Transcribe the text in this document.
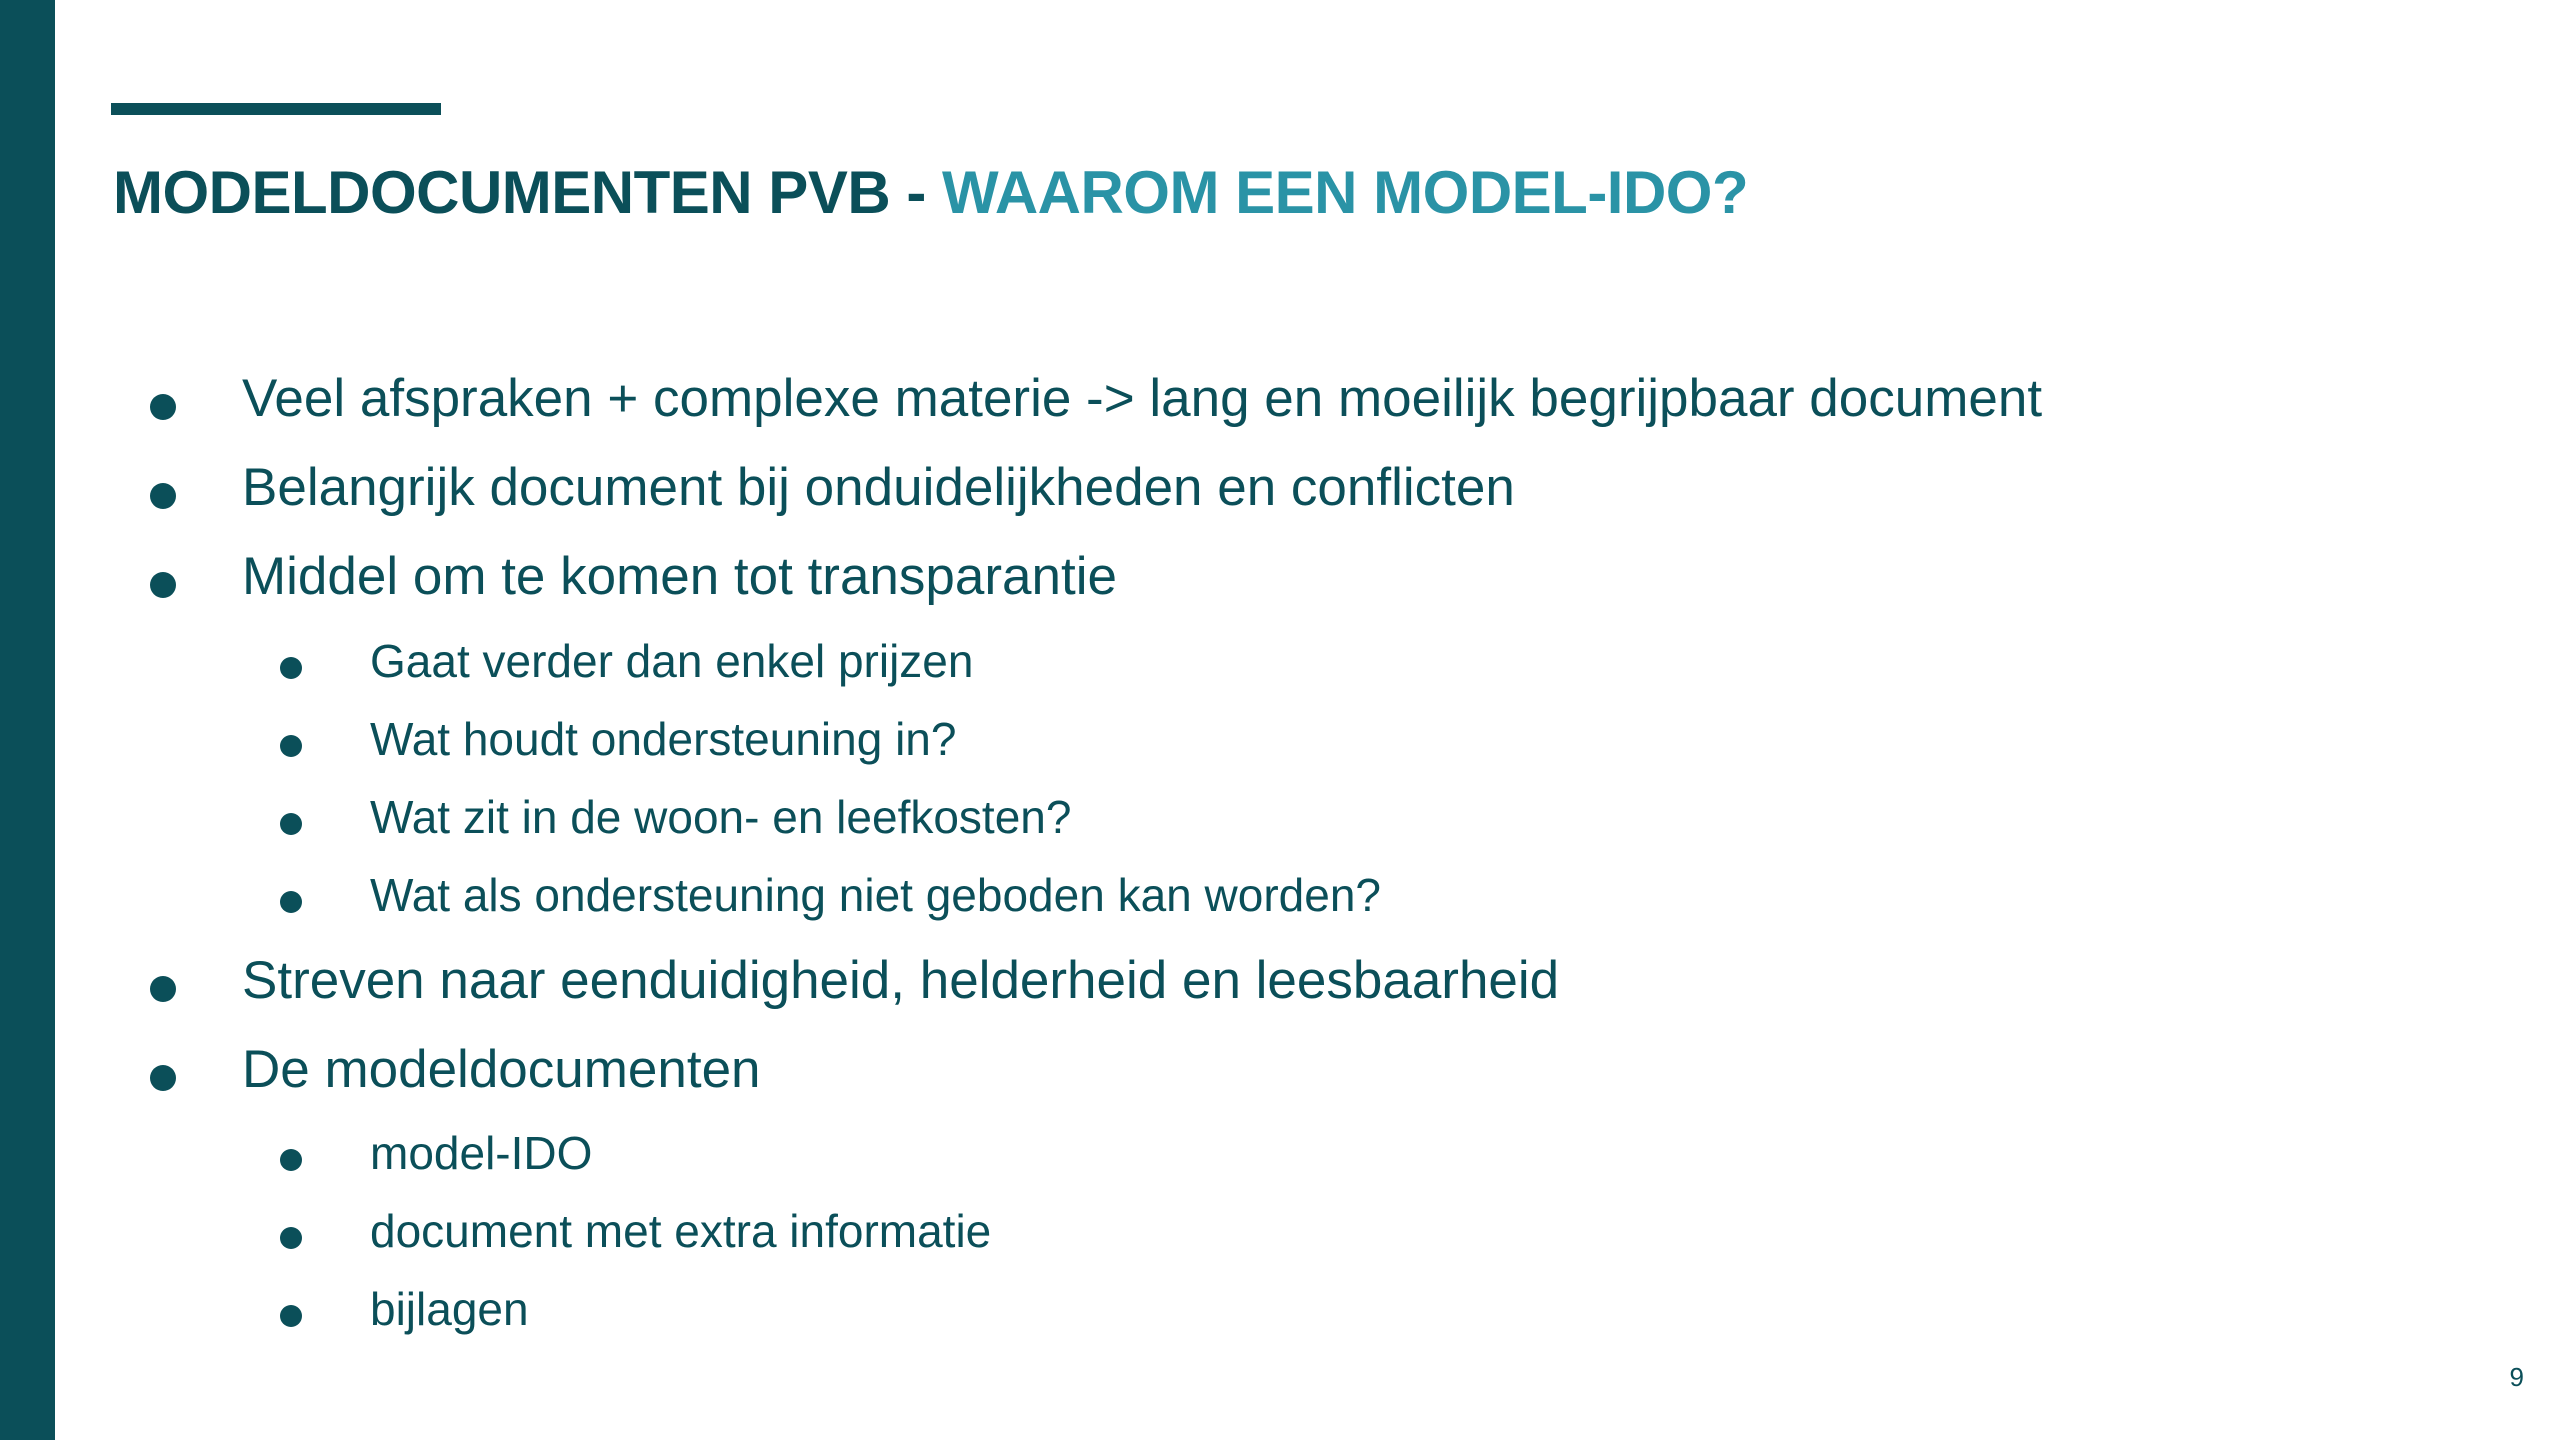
MODELDOCUMENTEN PVB - WAAROM EEN MODEL-IDO?
Veel afspraken + complexe materie -> lang en moeilijk begrijpbaar document
Belangrijk document bij onduidelijkheden en conflicten
Middel om te komen tot transparantie
Gaat verder dan enkel prijzen
Wat houdt ondersteuning in?
Wat zit in de woon- en leefkosten?
Wat als ondersteuning niet geboden kan worden?
Streven naar eenduidigheid, helderheid en leesbaarheid
De modeldocumenten
model-IDO
document met extra informatie
bijlagen
9
